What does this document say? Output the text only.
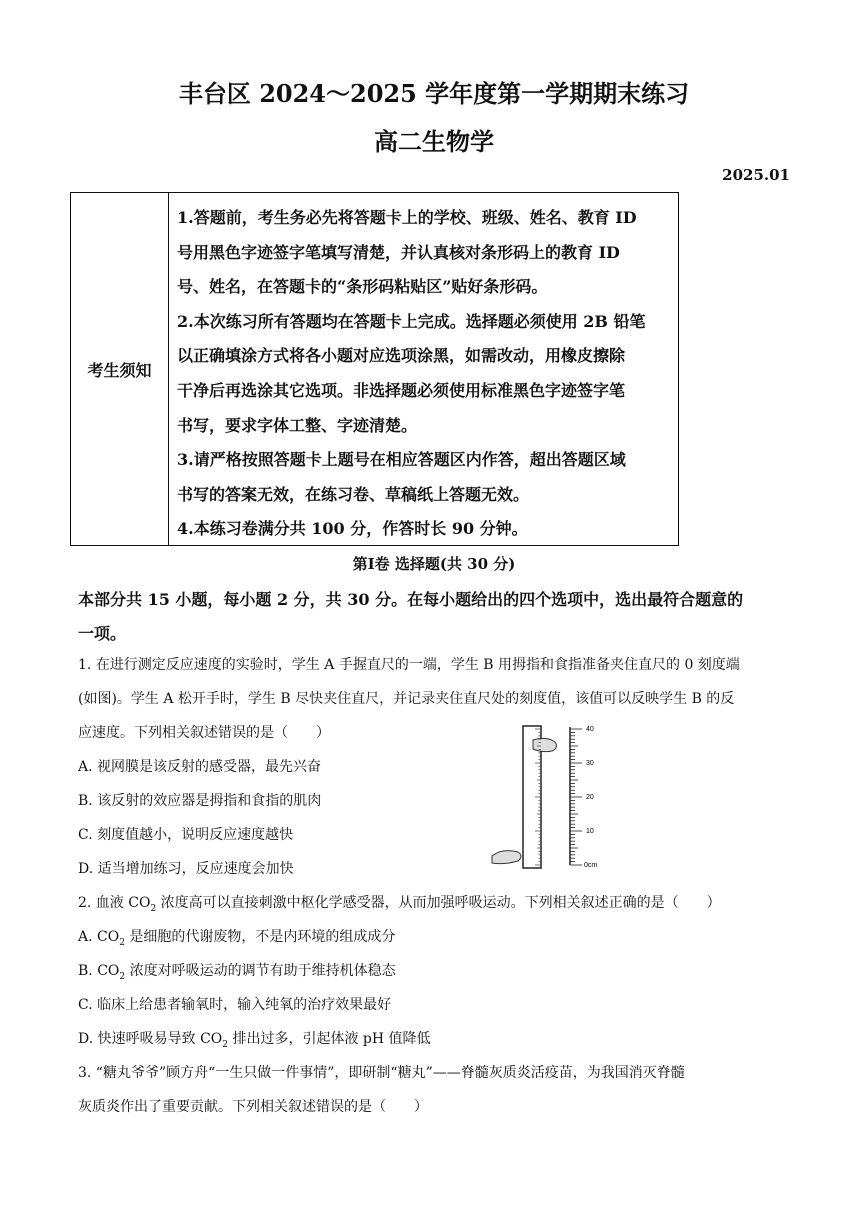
丰台区 2024～2025 学年度第一学期期末练习
高二生物学
2025.01
考生须知
1.答题前，考生务必先将答题卡上的学校、班级、姓名、教育 ID
号用黑色字迹签字笔填写清楚，并认真核对条形码上的教育 ID
号、姓名，在答题卡的“条形码粘贴区”贴好条形码。
2.本次练习所有答题均在答题卡上完成。选择题必须使用 2B 铅笔
以正确填涂方式将各小题对应选项涂黑，如需改动，用橡皮擦除
干净后再选涂其它选项。非选择题必须使用标准黑色字迹签字笔
书写，要求字体工整、字迹清楚。
3.请严格按照答题卡上题号在相应答题区内作答，超出答题区域
书写的答案无效，在练习卷、草稿纸上答题无效。
4.本练习卷满分共 100 分，作答时长 90 分钟。
第Ⅰ卷 选择题(共 30 分)
本部分共 15 小题，每小题 2 分，共 30 分。在每小题给出的四个选项中，选出最符合题意的
一项。
1. 在进行测定反应速度的实验时，学生 A 手握直尺的一端，学生 B 用拇指和食指准备夹住直尺的 0 刻度端
(如图)。学生 A 松开手时，学生 B 尽快夹住直尺，并记录夹住直尺处的刻度值，该值可以反映学生 B 的反
应速度。下列相关叙述错误的是（　　）
A. 视网膜是该反射的感受器，最先兴奋
B. 该反射的效应器是拇指和食指的肌肉
C. 刻度值越小，说明反应速度越快
D. 适当增加练习，反应速度会加快
40
30
20
10
0cm
2. 血液 $CO_2$ 浓度高可以直接刺激中枢化学感受器，从而加强呼吸运动。下列相关叙述正确的是（　　）
A. $CO_2$ 是细胞的代谢废物，不是内环境的组成成分
B. $CO_2$ 浓度对呼吸运动的调节有助于维持机体稳态
C. 临床上给患者输氧时，输入纯氧的治疗效果最好
D. 快速呼吸易导致 $CO_2$ 排出过多，引起体液 pH 值降低
3. “糖丸爷爷”顾方舟“一生只做一件事情”，即研制“糖丸”——脊髓灰质炎活疫苗，为我国消灭脊髓
灰质炎作出了重要贡献。下列相关叙述错误的是（　　）
